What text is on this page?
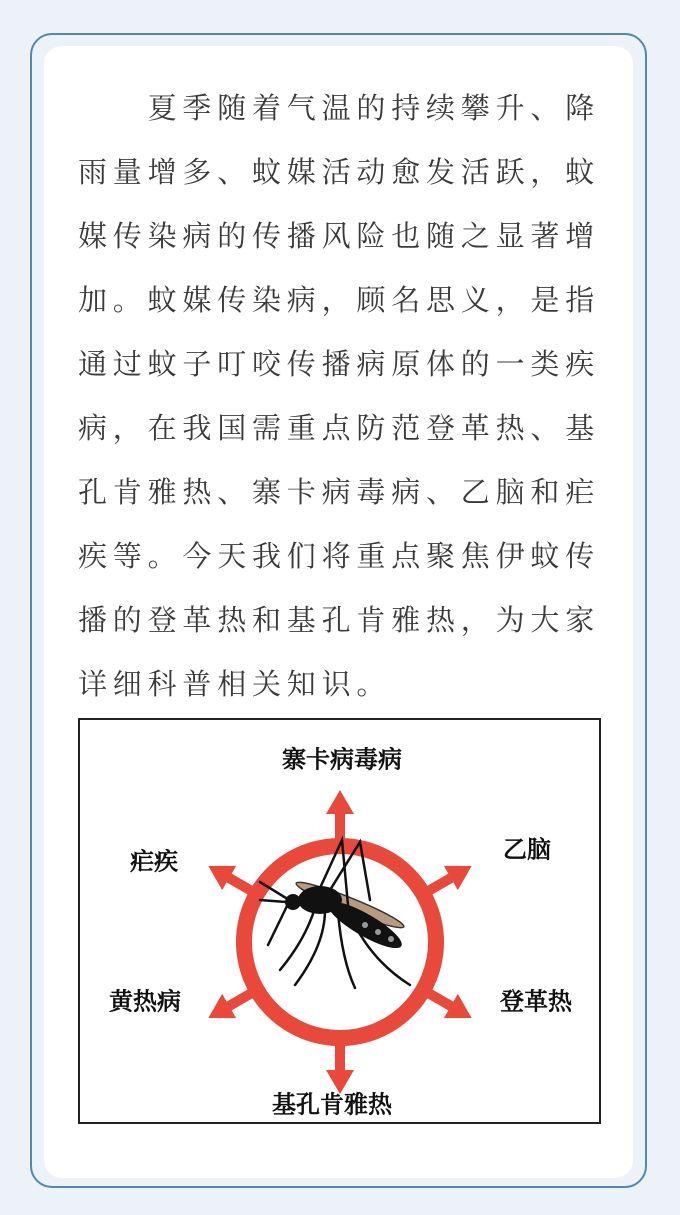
　　夏季随着气温的持续攀升、降
雨量增多、蚊媒活动愈发活跃，蚊
媒传染病的传播风险也随之显著增
加。蚊媒传染病，顾名思义，是指
通过蚊子叮咬传播病原体的一类疾
病，在我国需重点防范登革热、基
孔肯雅热、寨卡病毒病、乙脑和疟
疾等。今天我们将重点聚焦伊蚊传
播的登革热和基孔肯雅热，为大家
详细科普相关知识。
寨卡病毒病
疟疾	乙脑
黄热病	登革热
基孔肯雅热
